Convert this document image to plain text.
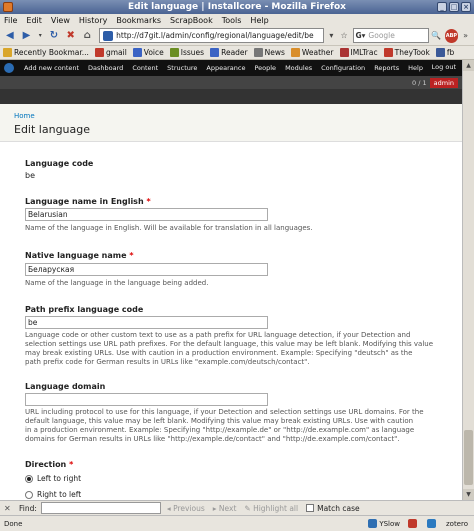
Edit language | Installcore - Mozilla Firefox	_ □ ×
File Edit View History Bookmarks ScrapBook Tools Help
◀ ▶	▾ ↻ ✖ ⌂	http://d7git.l/admin/config/regional/language/edit/be	▾ ☆ G▾ Google	🔍 ABP »
Recently Bookmar... gmail Voice Issues Reader News Weather IMLTrac TheyTook fb
Add new content Dashboard Content Structure Appearance People Modules Configuration Reports Help Log out
0 / 1	admin
Home
Edit language
Language code
be
Language name in English *
Belarusian
Name of the language in English. Will be available for translation in all languages.
Native language name *
Беларуская
Name of the language in the language being added.
Path prefix language code
be
Language code or other custom text to use as a path prefix for URL language detection, if your Detection and
selection settings use URL path prefixes. For the default language, this value may be left blank. Modifying this value
may break existing URLs. Use with caution in a production environment. Example: Specifying "deutsch" as the
path prefix code for German results in URLs like "example.com/deutsch/contact".
Language domain
URL including protocol to use for this language, if your Detection and selection settings use URL domains. For the
default language, this value may be left blank. Modifying this value may break existing URLs. Use with caution
in a production environment. Example: Specifying "http://example.de" or "http://de.example.com" as language
domains for German results in URLs like "http://example.de/contact" and "http://de.example.com/contact".
Direction *
Left to right
Right to left
▲
▼
✕	Find:	◂ Previous ▸ Next ✎ Highlight all	Match case
Done	YSlow	zotero
